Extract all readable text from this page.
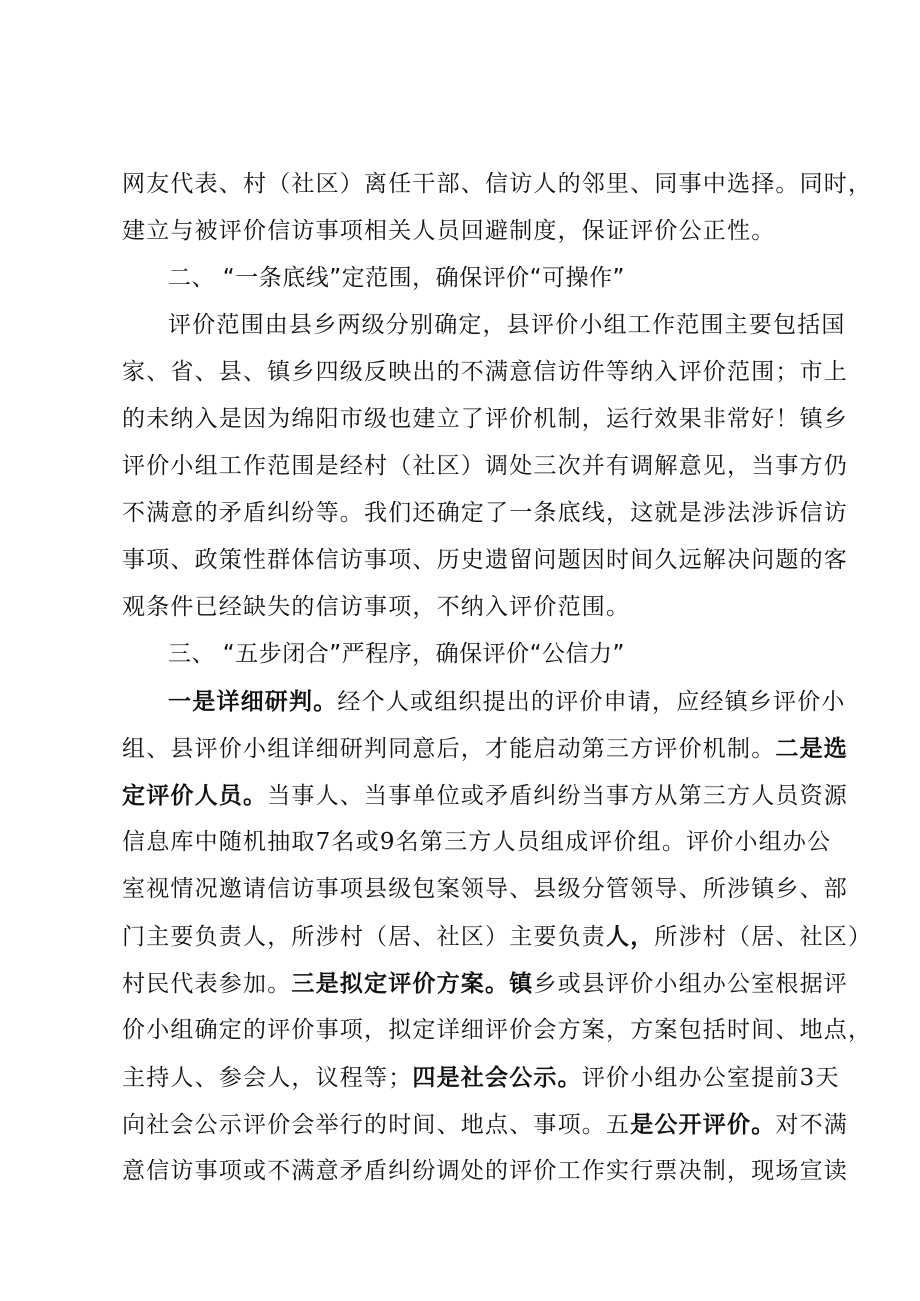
网友代表、村（社区）离任干部、信访人的邻里、同事中选择。同时，
建立与被评价信访事项相关人员回避制度，保证评价公正性。
二、 “一条底线”定范围，确保评价“可操作”
评价范围由县乡两级分别确定，县评价小组工作范围主要包括国
家、省、县、镇乡四级反映出的不满意信访件等纳入评价范围；市上
的未纳入是因为绵阳市级也建立了评价机制，运行效果非常好！镇乡
评价小组工作范围是经村（社区）调处三次并有调解意见，当事方仍
不满意的矛盾纠纷等。我们还确定了一条底线，这就是涉法涉诉信访
事项、政策性群体信访事项、历史遗留问题因时间久远解决问题的客
观条件已经缺失的信访事项，不纳入评价范围。
三、 “五步闭合”严程序，确保评价“公信力”
一是详细研判。经个人或组织提出的评价申请，应经镇乡评价小
组、县评价小组详细研判同意后，才能启动第三方评价机制。二是选
定评价人员。当事人、当事单位或矛盾纠纷当事方从第三方人员资源
信息库中随机抽取7名或9名第三方人员组成评价组。评价小组办公
室视情况邀请信访事项县级包案领导、县级分管领导、所涉镇乡、部
门主要负责人，所涉村（居、社区）主要负责人，所涉村（居、社区）
村民代表参加。三是拟定评价方案。镇乡或县评价小组办公室根据评
价小组确定的评价事项，拟定详细评价会方案，方案包括时间、地点，
主持人、参会人，议程等；四是社会公示。评价小组办公室提前3天
向社会公示评价会举行的时间、地点、事项。五是公开评价。对不满
意信访事项或不满意矛盾纠纷调处的评价工作实行票决制，现场宣读
